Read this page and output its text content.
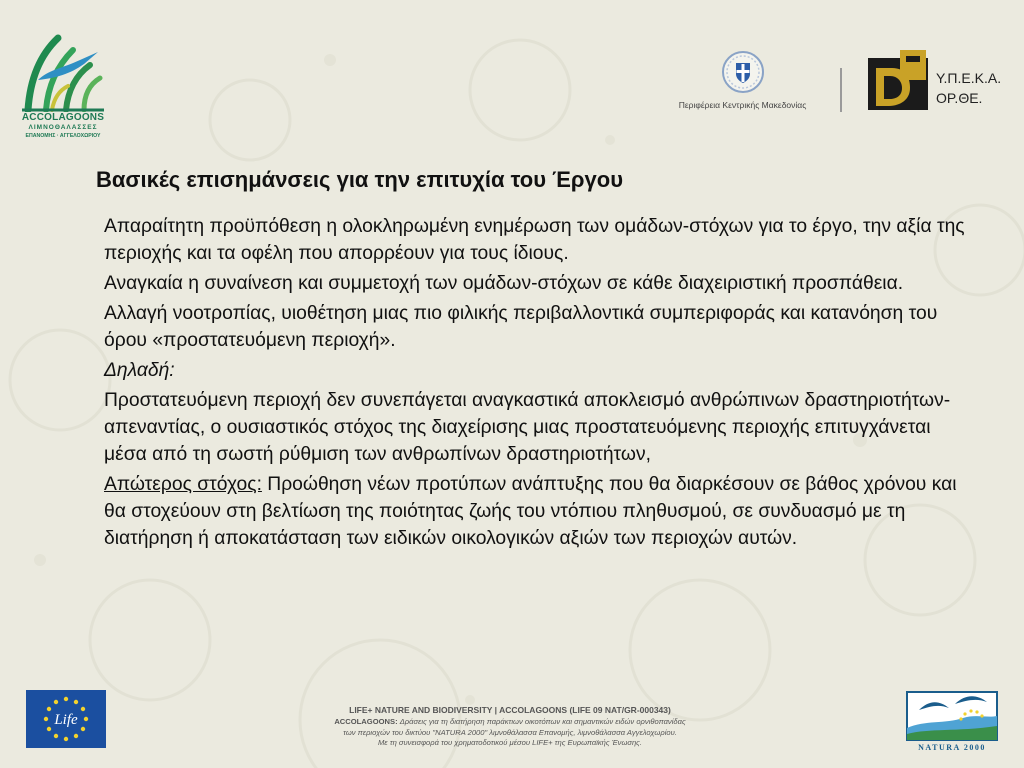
ACCOLAGOONS
ΛΙΜΝΟΘΑΛΑΣΣΕΣ
ΕΠΑΝΟΜΗΣ · ΑΓΓΕΛΟΧΩΡΙΟΥ
Περιφέρεια Κεντρικής Μακεδονίας
Υ.Π.Ε.Κ.Α.
ΟΡ.ΘΕ.
Βασικές επισημάνσεις για την επιτυχία του Έργου

Απαραίτητη προϋπόθεση η ολοκληρωμένη ενημέρωση των ομάδων-στόχων για το έργο, την αξία της περιοχής και τα οφέλη που απορρέουν για τους ίδιους.

Αναγκαία η συναίνεση και συμμετοχή των ομάδων-στόχων σε κάθε διαχειριστική προσπάθεια.

Αλλαγή νοοτροπίας, υιοθέτηση μιας πιο φιλικής περιβαλλοντικά συμπεριφοράς και κατανόηση του όρου «προστατευόμενη περιοχή».

Δηλαδή:

Προστατευόμενη περιοχή δεν συνεπάγεται αναγκαστικά αποκλεισμό ανθρώπινων δραστηριοτήτων-απεναντίας, ο ουσιαστικός στόχος της διαχείρισης μιας προστατευόμενης περιοχής επιτυγχάνεται μέσα από τη σωστή ρύθμιση των ανθρωπίνων δραστηριοτήτων,

Απώτερος στόχος: Προώθηση νέων προτύπων ανάπτυξης που θα διαρκέσουν σε βάθος χρόνου και θα στοχεύουν στη βελτίωση της ποιότητας ζωής του ντόπιου πληθυσμού, σε συνδυασμό με τη διατήρηση ή αποκατάσταση των ειδικών οικολογικών αξιών των περιοχών αυτών.

Life
LIFE+ NATURE AND BIODIVERSITY | ACCOLAGOONS (LIFE 09 NAT/GR-000343)
ACCOLAGOONS: Δράσεις για τη διατήρηση παράκτιων οικοτόπων και σημαντικών ειδών ορνιθοπανίδας
των περιοχών του δικτύου "NATURA 2000" λιμνοθάλασσα Επανομής, λιμνοθάλασσα Αγγελοχωρίου.
Με τη συνεισφορά του χρηματοδοτικού μέσου LIFE+ της Ευρωπαϊκής Ένωσης.
NATURA 2000
